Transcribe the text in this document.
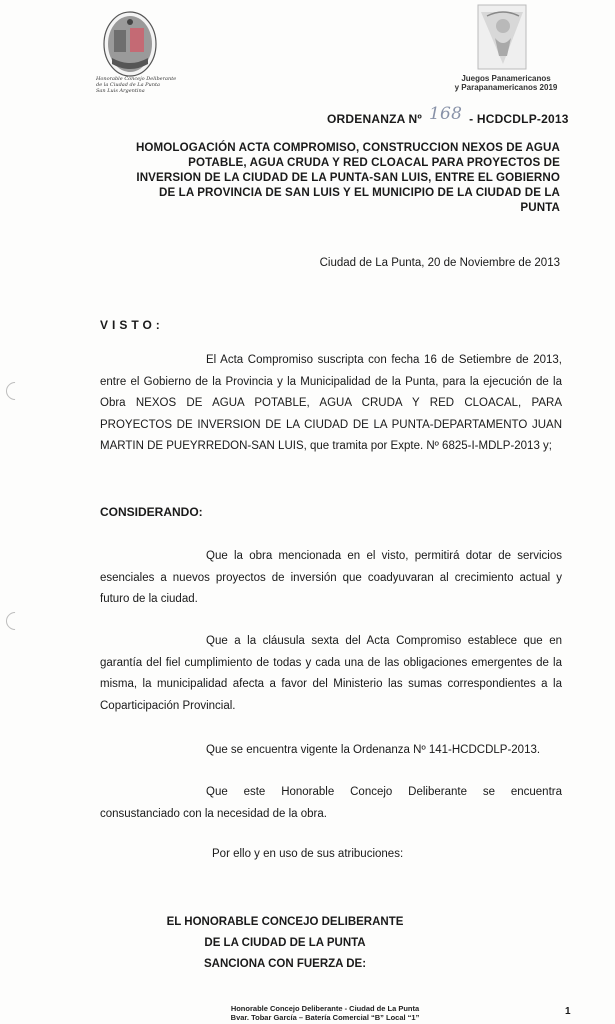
Honorable Concejo Deliberante
de la Ciudad de La Punta
San Luis Argentina
Juegos Panamericanos
y Parapanamericanos 2019
ORDENANZA Nº 168 - HCDCDLP-2013
HOMOLOGACIÓN ACTA COMPROMISO, CONSTRUCCION NEXOS DE AGUA
POTABLE, AGUA CRUDA Y RED CLOACAL PARA PROYECTOS DE
INVERSION DE LA CIUDAD DE LA PUNTA-SAN LUIS, ENTRE EL GOBIERNO
DE LA PROVINCIA DE SAN LUIS Y EL MUNICIPIO DE LA CIUDAD DE LA
PUNTA
Ciudad de La Punta, 20 de Noviembre de 2013
VISTO:
El Acta Compromiso suscripta con fecha 16 de Setiembre de 2013, entre el Gobierno de la Provincia y la Municipalidad de la Punta, para la ejecución de la Obra NEXOS DE AGUA POTABLE, AGUA CRUDA Y RED CLOACAL, PARA PROYECTOS DE INVERSION DE LA CIUDAD DE LA PUNTA-DEPARTAMENTO JUAN MARTIN DE PUEYRREDON-SAN LUIS, que tramita por Expte. Nº 6825-I-MDLP-2013 y;
CONSIDERANDO:
Que la obra mencionada en el visto, permitirá dotar de servicios esenciales a nuevos proyectos de inversión que coadyuvaran al crecimiento actual y futuro de la ciudad.
Que a la cláusula sexta del Acta Compromiso establece que en garantía del fiel cumplimiento de todas y cada una de las obligaciones emergentes de la misma, la municipalidad afecta a favor del Ministerio las sumas correspondientes a la Coparticipación Provincial.
Que se encuentra vigente la Ordenanza Nº 141-HCDCDLP-2013.
Que este Honorable Concejo Deliberante se encuentra consustanciado con la necesidad de la obra.
Por ello y en uso de sus atribuciones:
EL HONORABLE CONCEJO DELIBERANTE
DE LA CIUDAD DE LA PUNTA
SANCIONA CON FUERZA DE:
Honorable Concejo Deliberante - Ciudad de La Punta
Bvar. Tobar García – Batería Comercial “B” Local “1”
1
